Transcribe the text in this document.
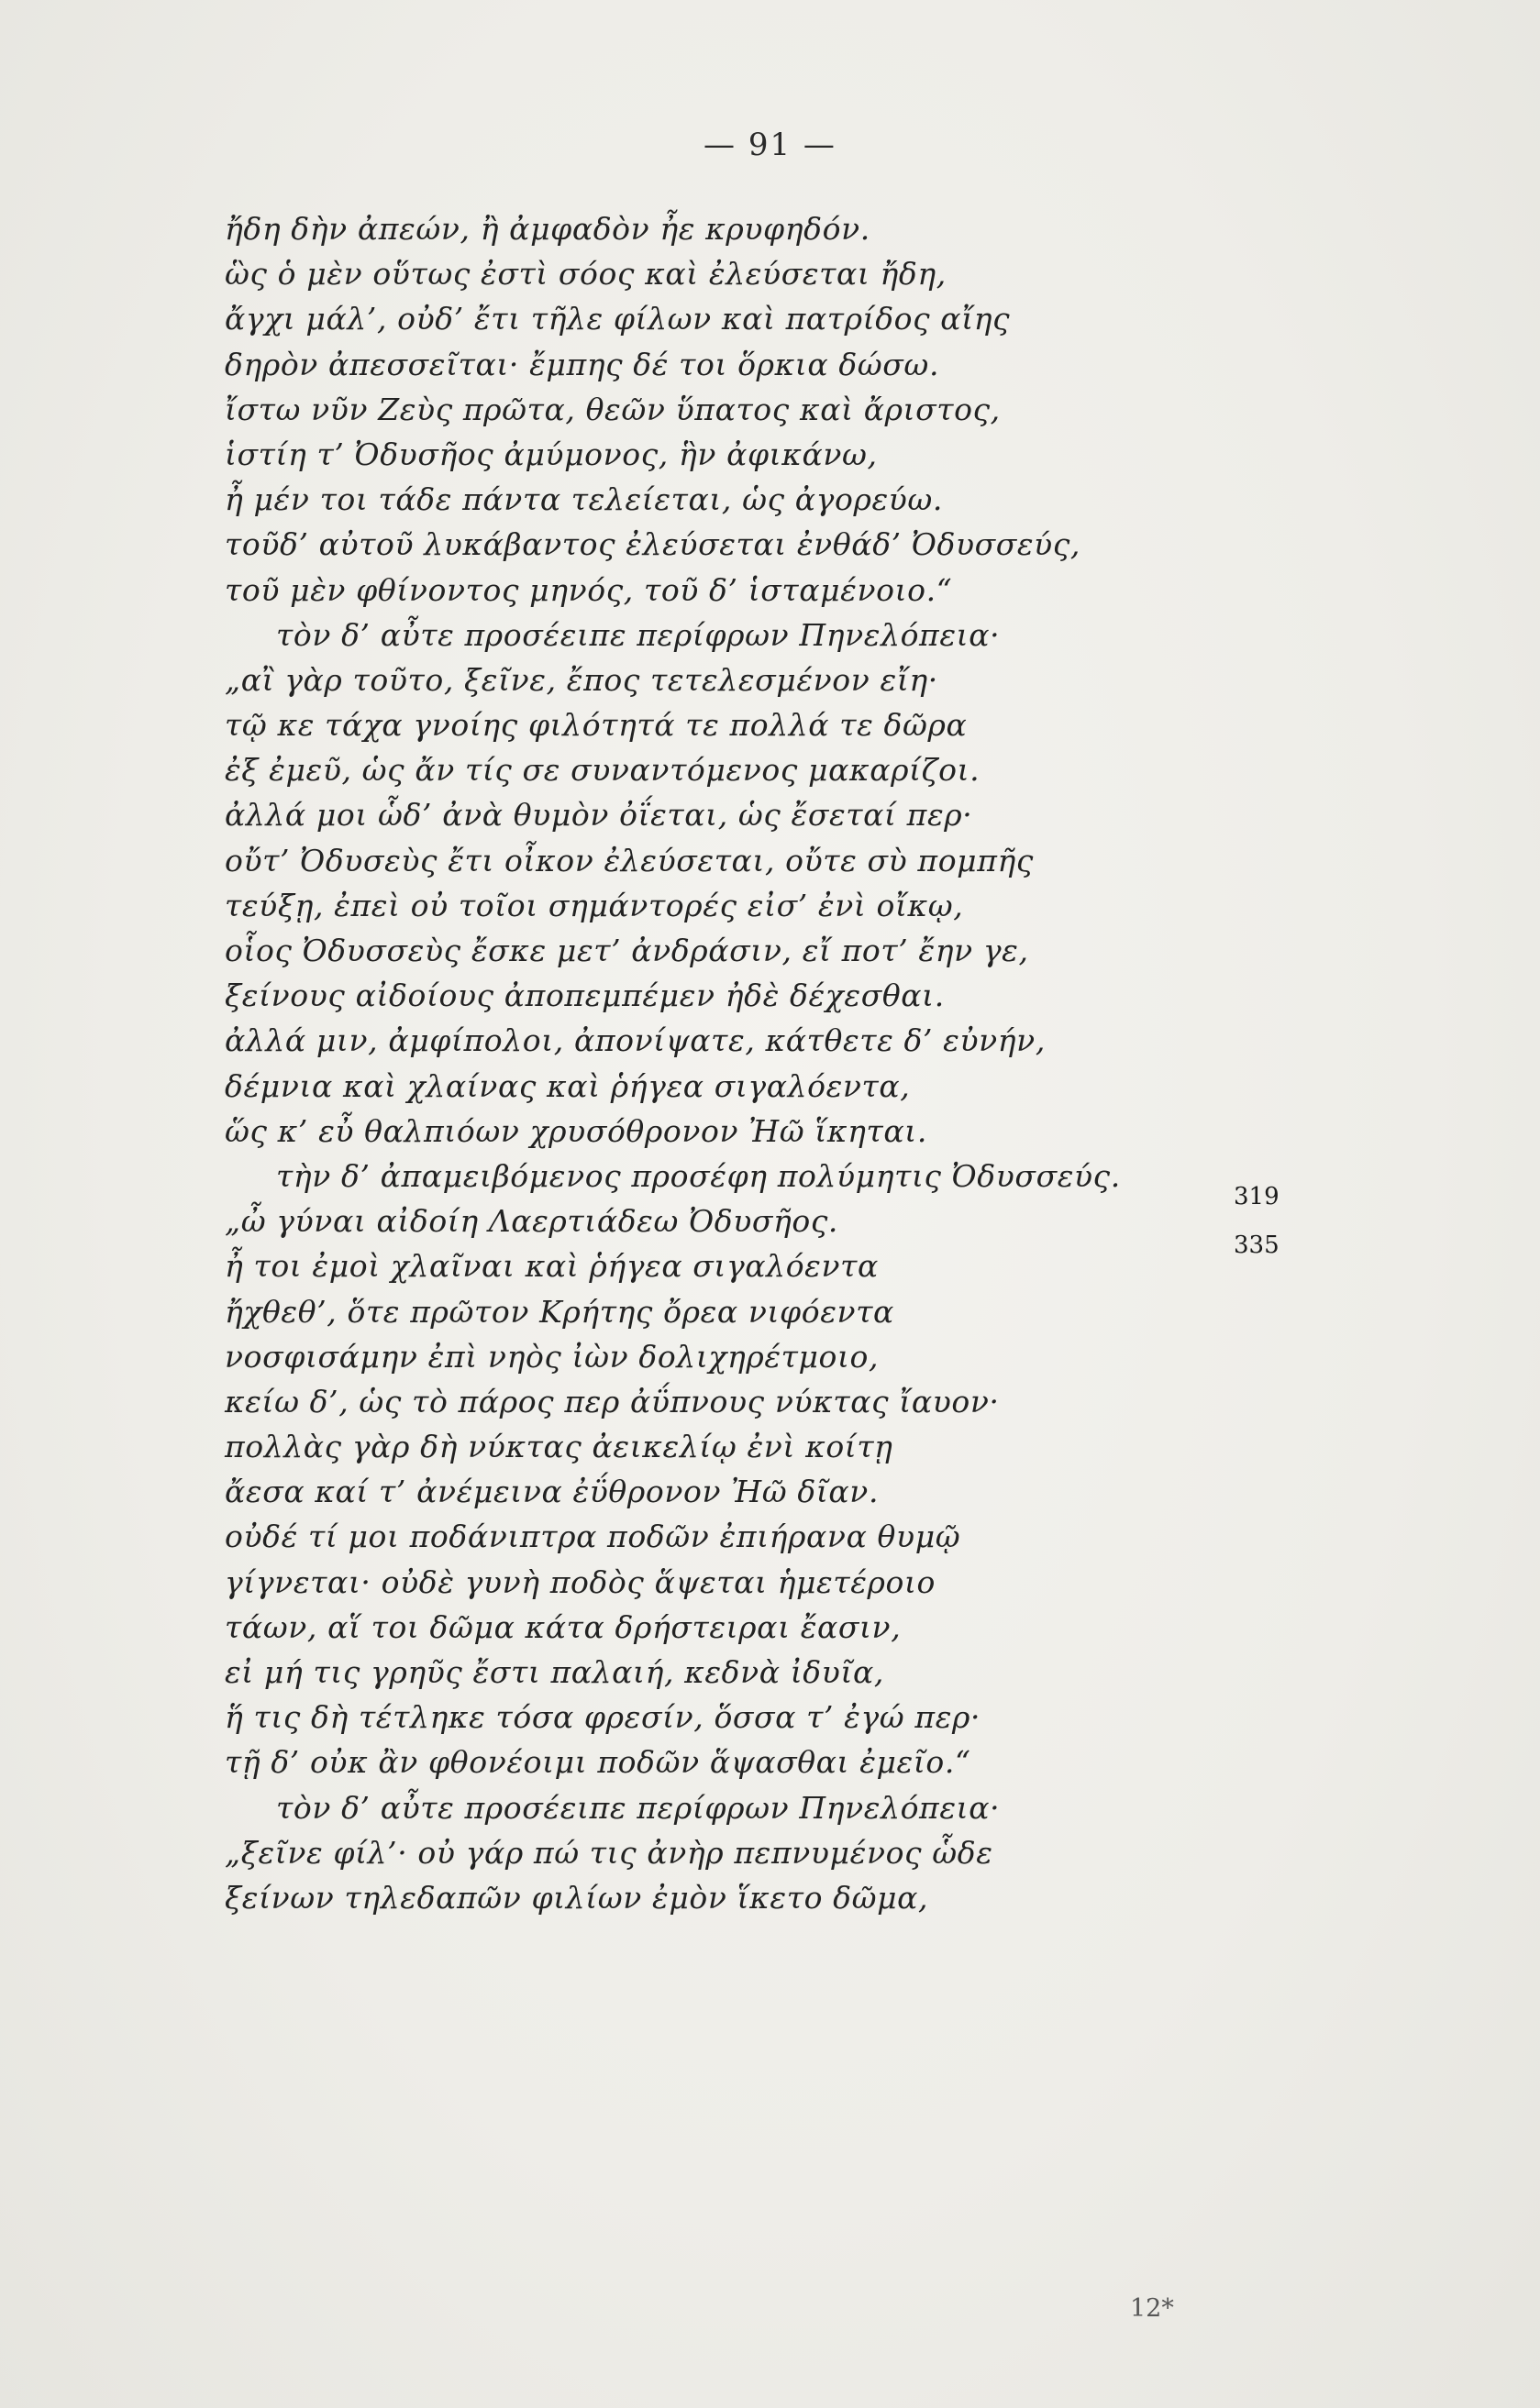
— 91 —
ἤδη δὴν ἀπεών, ἢ ἀμφαδὸν ἦε κρυφηδόν.
ὣς ὁ μὲν οὕτως ἐστὶ σόος καὶ ἐλεύσεται ἤδη,
ἄγχι μάλ’, οὐδ’ ἔτι τῆλε φίλων καὶ πατρίδος αἴης
δηρὸν ἀπεσσεῖται· ἔμπης δέ τοι ὅρκια δώσω.
ἴστω νῦν Ζεὺς πρῶτα, θεῶν ὕπατος καὶ ἄριστος,
ἱστίη τ’ Ὀδυσῆος ἀμύμονος, ἣν ἀφικάνω,
ἦ μέν τοι τάδε πάντα τελείεται, ὡς ἀγορεύω.
τοῦδ’ αὐτοῦ λυκάβαντος ἐλεύσεται ἐνθάδ’ Ὀδυσσεύς,
τοῦ μὲν φθίνοντος μηνός, τοῦ δ’ ἱσταμένοιο.“
τὸν δ’ αὖτε προσέειπε περίφρων Πηνελόπεια·
„αἲ γὰρ τοῦτο, ξεῖνε, ἔπος τετελεσμένον εἴη·
τῷ κε τάχα γνοίης φιλότητά τε πολλά τε δῶρα
ἐξ ἐμεῦ, ὡς ἄν τίς σε συναντόμενος μακαρίζοι.
ἀλλά μοι ὧδ’ ἀνὰ θυμὸν ὀΐεται, ὡς ἔσεταί περ·
οὔτ’ Ὀδυσεὺς ἔτι οἶκον ἐλεύσεται, οὔτε σὺ πομπῆς
τεύξῃ, ἐπεὶ οὐ τοῖοι σημάντορές εἰσ’ ἐνὶ οἴκῳ,
οἷος Ὀδυσσεὺς ἔσκε μετ’ ἀνδράσιν, εἴ ποτ’ ἔην γε,
ξείνους αἰδοίους ἀποπεμπέμεν ἠδὲ δέχεσθαι.
ἀλλά μιν, ἀμφίπολοι, ἀπονίψατε, κάτθετε δ’ εὐνήν,
δέμνια καὶ χλαίνας καὶ ῥήγεα σιγαλόεντα,
ὥς κ’ εὖ θαλπιόων χρυσόθρονον Ἠῶ ἵκηται.
τὴν δ’ ἀπαμειβόμενος προσέφη πολύμητις Ὀδυσσεύς.
„ὦ γύναι αἰδοίη Λαερτιάδεω Ὀδυσῆος.
ἦ τοι ἐμοὶ χλαῖναι καὶ ῥήγεα σιγαλόεντα
ἤχθεθ’, ὅτε πρῶτον Κρήτης ὄρεα νιφόεντα
νοσφισάμην ἐπὶ νηὸς ἰὼν δολιχηρέτμοιο,
κείω δ’, ὡς τὸ πάρος περ ἀΰπνους νύκτας ἴαυον·
πολλὰς γὰρ δὴ νύκτας ἀεικελίῳ ἐνὶ κοίτῃ
ἄεσα καί τ’ ἀνέμεινα ἐΰθρονον Ἠῶ δῖαν.
οὐδέ τί μοι ποδάνιπτρα ποδῶν ἐπιήρανα θυμῷ
γίγνεται· οὐδὲ γυνὴ ποδὸς ἅψεται ἡμετέροιο
τάων, αἵ τοι δῶμα κάτα δρήστειραι ἔασιν,
εἰ μή τις γρηῦς ἔστι παλαιή, κεδνὰ ἰδυῖα,
ἥ τις δὴ τέτληκε τόσα φρεσίν, ὅσσα τ’ ἐγώ περ·
τῇ δ’ οὐκ ἂν φθονέοιμι ποδῶν ἅψασθαι ἐμεῖο.“
τὸν δ’ αὖτε προσέειπε περίφρων Πηνελόπεια·
„ξεῖνε φίλ’· οὐ γάρ πώ τις ἀνὴρ πεπνυμένος ὧδε
ξείνων τηλεδαπῶν φιλίων ἐμὸν ἵκετο δῶμα,
319
335
12*
